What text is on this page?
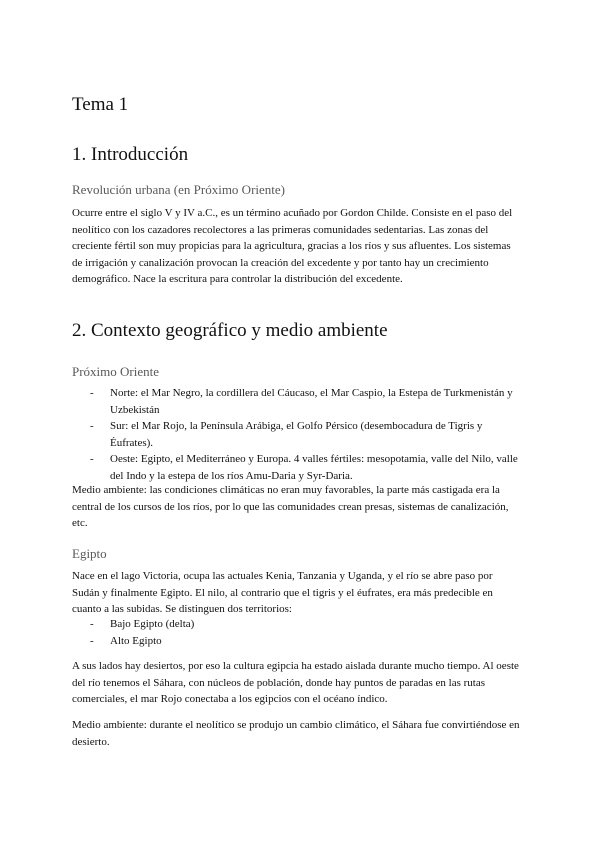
Tema 1
1. Introducción
Revolución urbana (en Próximo Oriente)

Ocurre entre el siglo V y IV a.C., es un término acuñado por Gordon Childe. Consiste en el paso del neolítico con los cazadores recolectores a las primeras comunidades sedentarias. Las zonas del creciente fértil son muy propicias para la agricultura, gracias a los ríos y sus afluentes. Los sistemas de irrigación y canalización provocan la creación del excedente y por tanto hay un crecimiento demográfico. Nace la escritura para controlar la distribución del excedente.

2. Contexto geográfico y medio ambiente
Próximo Oriente
- Norte: el Mar Negro, la cordillera del Cáucaso, el Mar Caspio, la Estepa de Turkmenistán y Uzbekistán
- Sur: el Mar Rojo, la Península Arábiga, el Golfo Pérsico (desembocadura de Tigris y Éufrates).
- Oeste: Egipto, el Mediterráneo y Europa. 4 valles fértiles: mesopotamia, valle del Nilo, valle del Indo y la estepa de los ríos Amu-Daria y Syr-Daria.

Medio ambiente: las condiciones climáticas no eran muy favorables, la parte más castigada era la central de los cursos de los ríos, por lo que las comunidades crean presas, sistemas de canalización, etc.

Egipto

Nace en el lago Victoria, ocupa las actuales Kenia, Tanzania y Uganda, y el río se abre paso por Sudán y finalmente Egipto. El nilo, al contrario que el tigris y el éufrates, era más predecible en cuanto a las subidas. Se distinguen dos territorios:

- Bajo Egipto (delta)
- Alto Egipto

A sus lados hay desiertos, por eso la cultura egipcia ha estado aislada durante mucho tiempo. Al oeste del río tenemos el Sáhara, con núcleos de población, donde hay puntos de paradas en las rutas comerciales, el mar Rojo conectaba a los egipcios con el océano índico.

Medio ambiente: durante el neolítico se produjo un cambio climático, el Sáhara fue convirtiéndose en desierto.
